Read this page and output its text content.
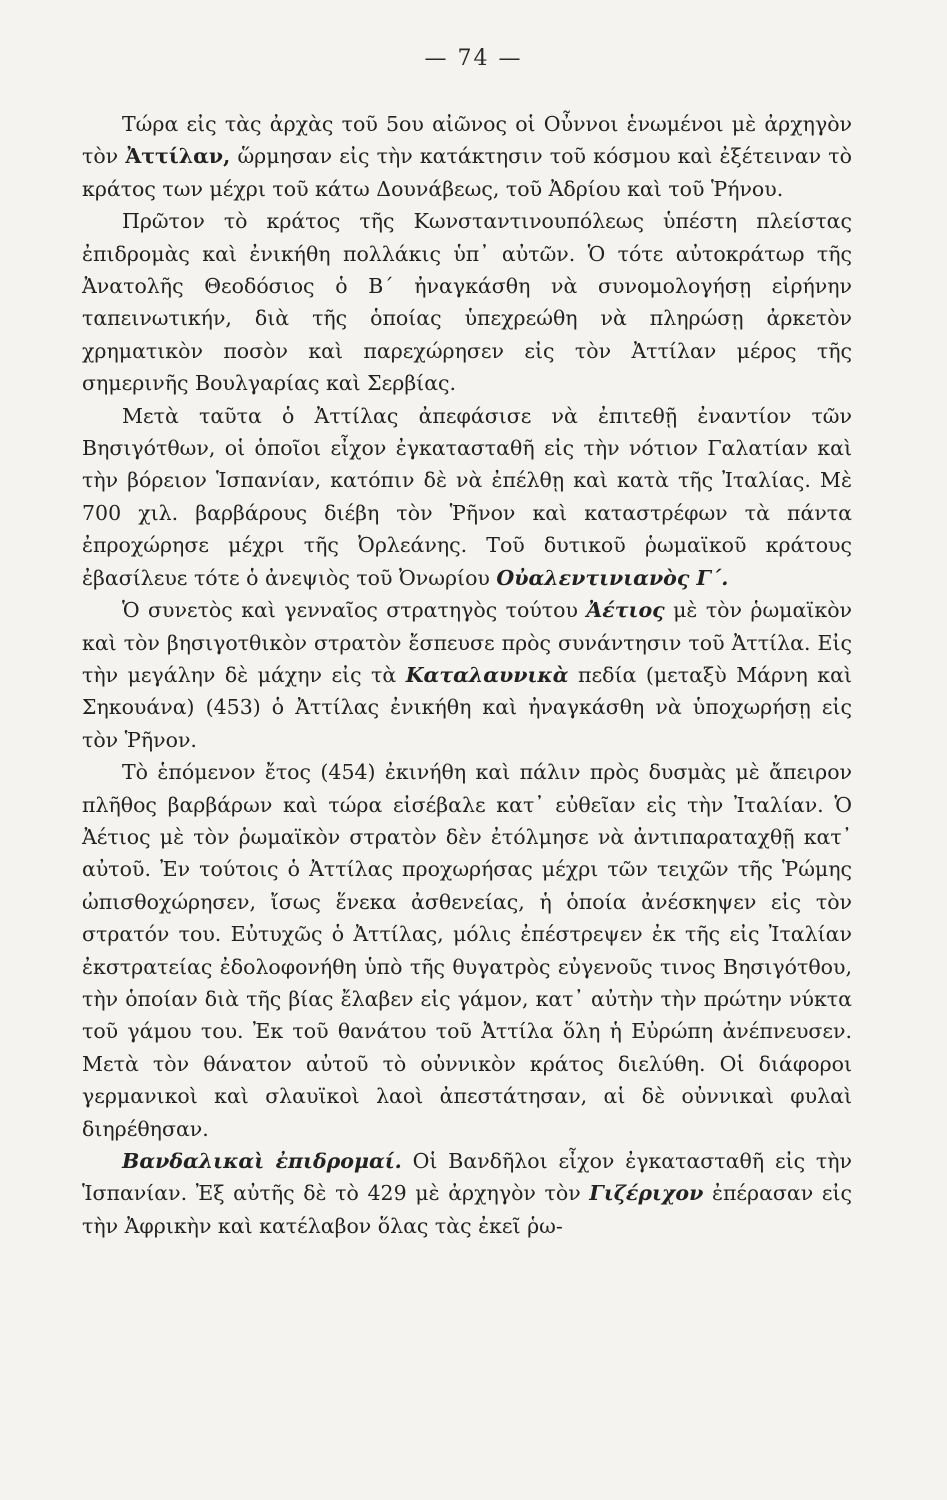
— 74 —

Τώρα εἰς τὰς ἀρχὰς τοῦ 5ου αἰῶνος οἱ Οὖννοι ἑνωμένοι μὲ ἀρχηγὸν τὸν Ἀττίλαν, ὥρμησαν εἰς τὴν κατάκτησιν τοῦ κόσμου καὶ ἐξέτειναν τὸ κράτος των μέχρι τοῦ κάτω Δουνάβεως, τοῦ Ἀδρίου καὶ τοῦ Ῥήνου.

Πρῶτον τὸ κράτος τῆς Κωνσταντινουπόλεως ὑπέστη πλείστας ἐπιδρομὰς καὶ ἐνικήθη πολλάκις ὑπ᾽ αὐτῶν. Ὁ τότε αὐτοκράτωρ τῆς Ἀνατολῆς Θεοδόσιος ὁ Β΄ ἠναγκάσθη νὰ συνομολογήσῃ εἰρήνην ταπεινωτικήν, διὰ τῆς ὁποίας ὑπεχρεώθη νὰ πληρώσῃ ἀρκετὸν χρηματικὸν ποσὸν καὶ παρεχώρησεν εἰς τὸν Ἀττίλαν μέρος τῆς σημερινῆς Βουλγαρίας καὶ Σερβίας.

Μετὰ ταῦτα ὁ Ἀττίλας ἀπεφάσισε νὰ ἐπιτεθῇ ἐναντίον τῶν Βησιγότθων, οἱ ὁποῖοι εἶχον ἐγκατασταθῆ εἰς τὴν νότιον Γαλατίαν καὶ τὴν βόρειον Ἱσπανίαν, κατόπιν δὲ νὰ ἐπέλθῃ καὶ κατὰ τῆς Ἰταλίας. Μὲ 700 χιλ. βαρβάρους διέβη τὸν Ῥῆνον καὶ καταστρέφων τὰ πάντα ἐπροχώρησε μέχρι τῆς Ὀρλεάνης. Τοῦ δυτικοῦ ῥωμαϊκοῦ κράτους ἐβασίλευε τότε ὁ ἀνεψιὸς τοῦ Ὀνωρίου Οὐαλεντινιανὸς Γ΄.

Ὁ συνετὸς καὶ γενναῖος στρατηγὸς τούτου Ἀέτιος μὲ τὸν ῥωμαϊκὸν καὶ τὸν βησιγοτθικὸν στρατὸν ἔσπευσε πρὸς συνάντησιν τοῦ Ἀττίλα. Εἰς τὴν μεγάλην δὲ μάχην εἰς τὰ Καταλαυνικὰ πεδία (μεταξὺ Μάρνη καὶ Σηκουάνα) (453) ὁ Ἀττίλας ἐνικήθη καὶ ἠναγκάσθη νὰ ὑποχωρήσῃ εἰς τὸν Ῥῆνον.

Τὸ ἑπόμενον ἔτος (454) ἐκινήθη καὶ πάλιν πρὸς δυσμὰς μὲ ἄπειρον πλῆθος βαρβάρων καὶ τώρα εἰσέβαλε κατ᾽ εὐθεῖαν εἰς τὴν Ἰταλίαν. Ὁ Ἀέτιος μὲ τὸν ῥωμαϊκὸν στρατὸν δὲν ἐτόλμησε νὰ ἀντιπαραταχθῇ κατ᾽ αὐτοῦ. Ἐν τούτοις ὁ Ἀττίλας προχωρήσας μέχρι τῶν τειχῶν τῆς Ῥώμης ὠπισθοχώρησεν, ἴσως ἕνεκα ἀσθενείας, ἡ ὁποία ἀνέσκηψεν εἰς τὸν στρατόν του. Εὐτυχῶς ὁ Ἀττίλας, μόλις ἐπέστρεψεν ἐκ τῆς εἰς Ἰταλίαν ἐκστρατείας ἐδολοφονήθη ὑπὸ τῆς θυγατρὸς εὐγενοῦς τινος Βησιγότθου, τὴν ὁποίαν διὰ τῆς βίας ἔλαβεν εἰς γάμον, κατ᾽ αὐτὴν τὴν πρώτην νύκτα τοῦ γάμου του. Ἐκ τοῦ θανάτου τοῦ Ἀττίλα ὅλη ἡ Εὐρώπη ἀνέπνευσεν. Μετὰ τὸν θάνατον αὐτοῦ τὸ οὐννικὸν κράτος διελύθη. Οἱ διάφοροι γερμανικοὶ καὶ σλαυϊκοὶ λαοὶ ἀπεστάτησαν, αἱ δὲ οὐννικαὶ φυλαὶ διηρέθησαν.

Βανδαλικαὶ ἐπιδρομαί. Οἱ Βανδῆλοι εἶχον ἐγκατασταθῆ εἰς τὴν Ἱσπανίαν. Ἐξ αὐτῆς δὲ τὸ 429 μὲ ἀρχηγὸν τὸν Γιζέριχον ἐπέρασαν εἰς τὴν Ἀφρικὴν καὶ κατέλαβον ὅλας τὰς ἐκεῖ ῥω-
